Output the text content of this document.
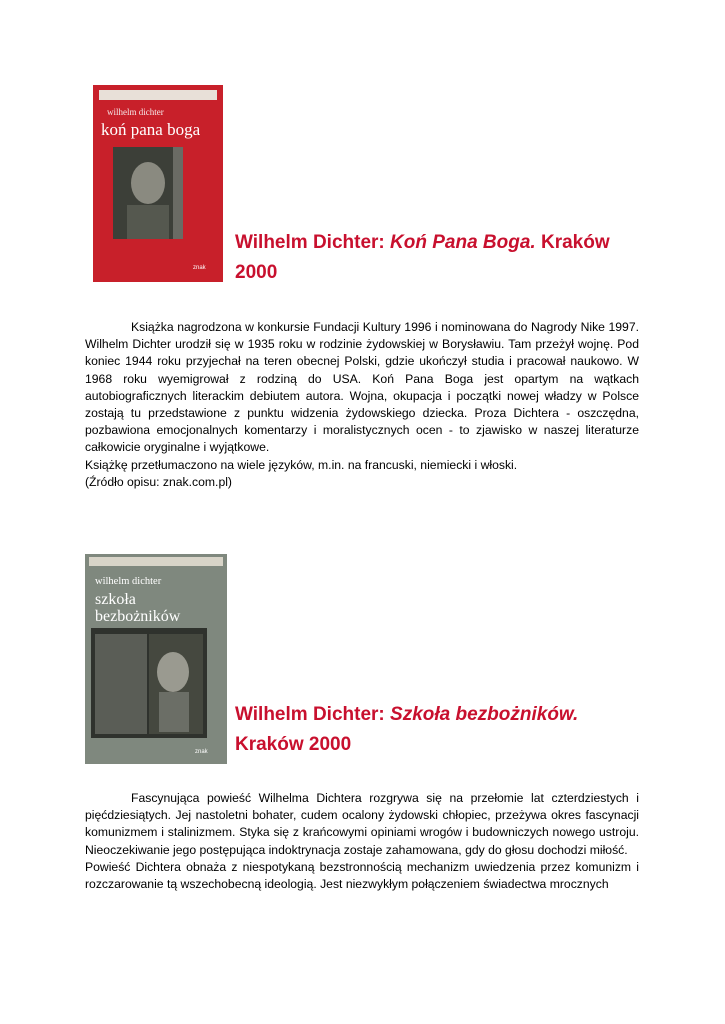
wilhelm dichter
koń pana boga
znak
Wilhelm Dichter: Koń Pana Boga. Kraków 2000
Książka nagrodzona w konkursie Fundacji Kultury 1996 i nominowana do Nagrody Nike 1997. Wilhelm Dichter urodził się w 1935 roku w rodzinie żydowskiej w Borysławiu. Tam przeżył wojnę. Pod koniec 1944 roku przyjechał na teren obecnej Polski, gdzie ukończył studia i pracował naukowo. W 1968 roku wyemigrował z rodziną do USA. Koń Pana Boga jest opartym na wątkach autobiograficznych literackim debiutem autora. Wojna, okupacja i początki nowej władzy w Polsce zostają tu przedstawione z punktu widzenia żydowskiego dziecka. Proza Dichtera - oszczędna, pozbawiona emocjonalnych komentarzy i moralistycznych ocen - to zjawisko w naszej literaturze całkowicie oryginalne i wyjątkowe.
Książkę przetłumaczono na wiele języków, m.in. na francuski, niemiecki i włoski.
(Źródło opisu: znak.com.pl)
wilhelm dichter
szkoła
bezbożników
znak
Wilhelm Dichter: Szkoła bezbożników.
Kraków 2000
Fascynująca powieść Wilhelma Dichtera rozgrywa się na przełomie lat czterdziestych i pięćdziesiątych. Jej nastoletni bohater, cudem ocalony żydowski chłopiec, przeżywa okres fascynacji komunizmem i stalinizmem. Styka się z krańcowymi opiniami wrogów i budowniczych nowego ustroju. Nieoczekiwanie jego postępująca indoktrynacja zostaje zahamowana, gdy do głosu dochodzi miłość.
Powieść Dichtera obnaża z niespotykaną bezstronnością mechanizm uwiedzenia przez komunizm i rozczarowanie tą wszechobecną ideologią. Jest niezwykłym połączeniem świadectwa mrocznych
